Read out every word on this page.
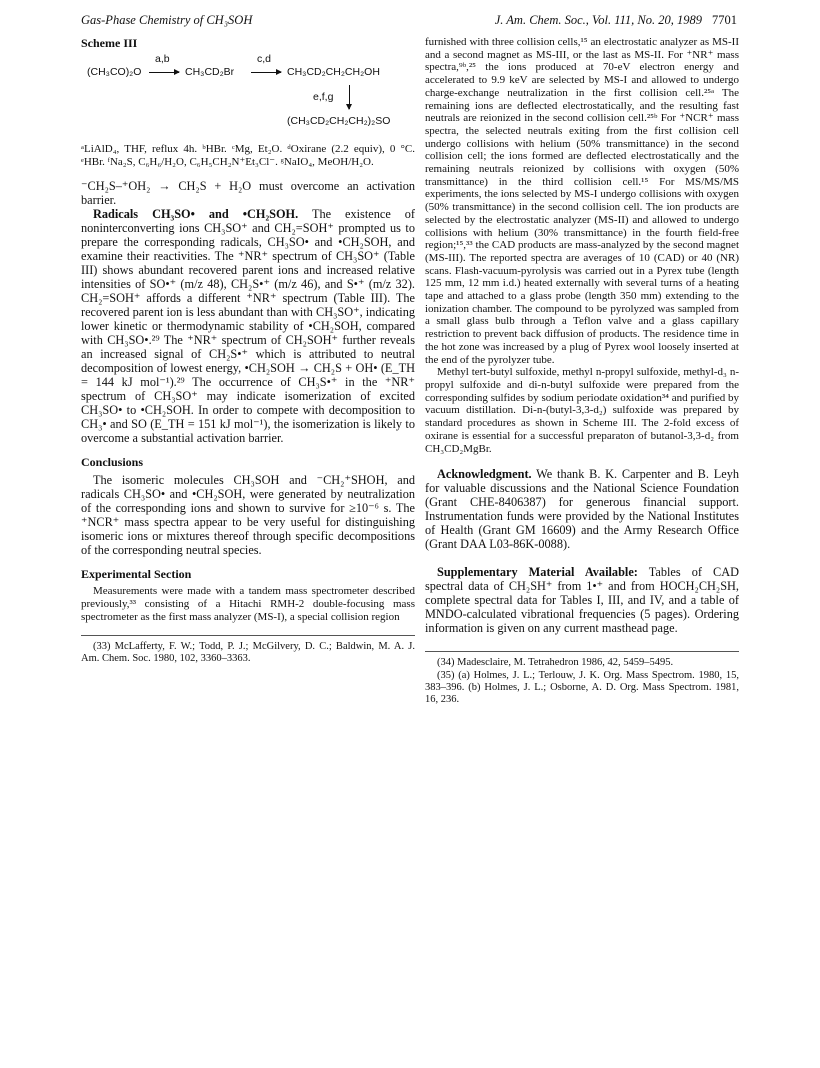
Gas-Phase Chemistry of CH₃SOH	J. Am. Chem. Soc., Vol. 111, No. 20, 1989 7701
Scheme III
(CH₃CO)₂O
a,b
→ CH₃CD₂Br
c,d
→ CH₃CD₂CH₂CH₂OH
e,f,g
(CH₃CD₂CH₂CH₂)₂SO

ᵃLiAlD₄, THF, reflux 4h. ᵇHBr. ᶜMg, Et₂O. ᵈOxirane (2.2 equiv), 0 °C. ᵉHBr. ᶠNa₂S, C₆H₆/H₂O, C₆H₅CH₂N⁺Et₃Cl⁻. ᵍNaIO₄, MeOH/H₂O.

⁻CH₂S–⁺OH₂ → CH₂S + H₂O must overcome an activation barrier.

Radicals CH₃SO• and •CH₂SOH. The existence of noninterconverting ions CH₃SO⁺ and CH₂=SOH⁺ prompted us to prepare the corresponding radicals, CH₃SO• and •CH₂SOH, and examine their reactivities. The ⁺NR⁺ spectrum of CH₃SO⁺ (Table III) shows abundant recovered parent ions and increased relative intensities of SO•⁺ (m/z 48), CH₂S•⁺ (m/z 46), and S•⁺ (m/z 32). CH₂=SOH⁺ affords a different ⁺NR⁺ spectrum (Table III). The recovered parent ion is less abundant than with CH₃SO⁺, indicating lower kinetic or thermodynamic stability of •CH₂SOH, compared with CH₃SO•.²⁹ The ⁺NR⁺ spectrum of CH₂SOH⁺ further reveals an increased signal of CH₂S•⁺ which is attributed to neutral decomposition of lowest energy, •CH₂SOH → CH₂S + OH• (E_TH = 144 kJ mol⁻¹).²⁹ The occurrence of CH₃S•⁺ in the ⁺NR⁺ spectrum of CH₃SO⁺ may indicate isomerization of excited CH₃SO• to •CH₂SOH. In order to compete with decomposition to CH₃• and SO (E_TH = 151 kJ mol⁻¹), the isomerization is likely to overcome a substantial activation barrier.

Conclusions

The isomeric molecules CH₃SOH and ⁻CH₂⁺SHOH, and radicals CH₃SO• and •CH₂SOH, were generated by neutralization of the corresponding ions and shown to survive for ≥10⁻⁶ s. The ⁺NCR⁺ mass spectra appear to be very useful for distinguishing isomeric ions or mixtures thereof through specific decompositions of the corresponding neutral species.

Experimental Section

Measurements were made with a tandem mass spectrometer described previously,³³ consisting of a Hitachi RMH-2 double-focusing mass spectrometer as the first mass analyzer (MS-I), a special collision region

(33) McLafferty, F. W.; Todd, P. J.; McGilvery, D. C.; Baldwin, M. A. J. Am. Chem. Soc. 1980, 102, 3360–3363.

furnished with three collision cells,¹⁵ an electrostatic analyzer as MS-II and a second magnet as MS-III, or the last as MS-II. For ⁺NR⁺ mass spectra,⁹ᵇ,²⁵ the ions produced at 70-eV electron energy and accelerated to 9.9 keV are selected by MS-I and allowed to undergo charge-exchange neutralization in the first collision cell.²⁵ᵃ The remaining ions are deflected electrostatically, and the resulting fast neutrals are reionized in the second collision cell.²⁵ᵇ For ⁺NCR⁺ mass spectra, the selected neutrals exiting from the first collision cell undergo collisions with helium (50% transmittance) in the second collision cell; the ions formed are deflected electrostatically and the remaining neutrals reionized by collisions with oxygen (50% transmittance) in the third collision cell.¹⁵ For MS/MS/MS experiments, the ions selected by MS-I undergo collisions with oxygen (50% transmittance) in the second collision cell. The ion products are selected by the electrostatic analyzer (MS-II) and allowed to undergo collisions with helium (30% transmittance) in the fourth field-free region;¹⁵,³³ the CAD products are mass-analyzed by the second magnet (MS-III). The reported spectra are averages of 10 (CAD) or 40 (NR) scans. Flash-vacuum-pyrolysis was carried out in a Pyrex tube (length 125 mm, 12 mm i.d.) heated externally with several turns of a heating tape and attached to a glass probe (length 350 mm) extending to the ionization chamber. The compound to be pyrolyzed was sampled from a small glass bulb through a Teflon valve and a glass capillary restriction to prevent back diffusion of products. The residence time in the hot zone was increased by a plug of Pyrex wool loosely inserted at the end of the pyrolyzer tube.

Methyl tert-butyl sulfoxide, methyl n-propyl sulfoxide, methyl-d₃ n-propyl sulfoxide and di-n-butyl sulfoxide were prepared from the corresponding sulfides by sodium periodate oxidation³⁴ and purified by vacuum distillation. Di-n-(butyl-3,3-d₂) sulfoxide was prepared by standard procedures as shown in Scheme III. The 2-fold excess of oxirane is essential for a successful preparaton of butanol-3,3-d₂ from CH₃CD₂MgBr.

Acknowledgment. We thank B. K. Carpenter and B. Leyh for valuable discussions and the National Science Foundation (Grant CHE-8406387) for generous financial support. Instrumentation funds were provided by the National Institutes of Health (Grant GM 16609) and the Army Research Office (Grant DAA L03-86K-0088).

Supplementary Material Available: Tables of CAD spectral data of CH₂SH⁺ from 1•⁺ and from HOCH₂CH₂SH, complete spectral data for Tables I, III, and IV, and a table of MNDO-calculated vibrational frequencies (5 pages). Ordering information is given on any current masthead page.

(34) Madesclaire, M. Tetrahedron 1986, 42, 5459–5495.

(35) (a) Holmes, J. L.; Terlouw, J. K. Org. Mass Spectrom. 1980, 15, 383–396. (b) Holmes, J. L.; Osborne, A. D. Org. Mass Spectrom. 1981, 16, 236.
